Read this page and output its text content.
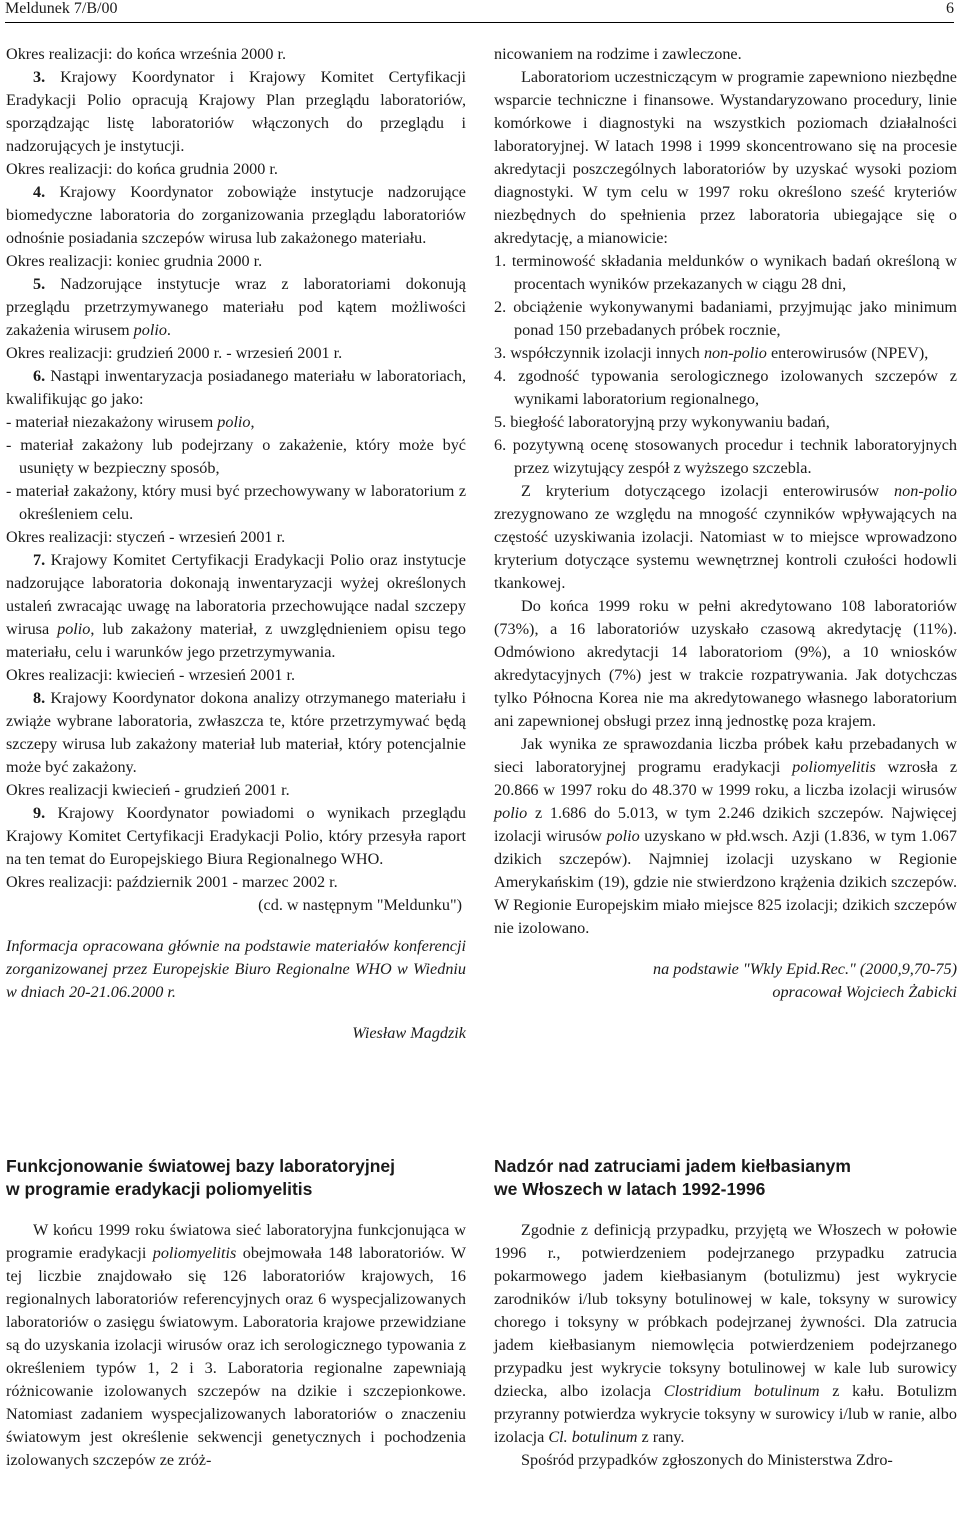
Meldunek 7/B/00	6

Okres realizacji: do końca września 2000 r.

3. Krajowy Koordynator i Krajowy Komitet Certyfikacji Eradykacji Polio opracują Krajowy Plan przeglądu laboratoriów, sporządzając listę laboratoriów włączonych do przeglądu i nadzorujących je instytucji.

Okres realizacji: do końca grudnia 2000 r.

4. Krajowy Koordynator zobowiąże instytucje nadzorujące biomedyczne laboratoria do zorganizowania przeglądu laboratoriów odnośnie posiadania szczepów wirusa lub zakażonego materiału.

Okres realizacji: koniec grudnia 2000 r.

5. Nadzorujące instytucje wraz z laboratoriami dokonują przeglądu przetrzymywanego materiału pod kątem możliwości zakażenia wirusem polio.

Okres realizacji: grudzień 2000 r. - wrzesień 2001 r.

6. Nastąpi inwentaryzacja posiadanego materiału w laboratoriach, kwalifikując go jako:

- materiał niezakażony wirusem polio,

- materiał zakażony lub podejrzany o zakażenie, który może być usunięty w bezpieczny sposób,

- materiał zakażony, który musi być przechowywany w laboratorium z określeniem celu.

Okres realizacji: styczeń - wrzesień 2001 r.

7. Krajowy Komitet Certyfikacji Eradykacji Polio oraz instytucje nadzorujące laboratoria dokonają inwentaryzacji wyżej określonych ustaleń zwracając uwagę na laboratoria przechowujące nadal szczepy wirusa polio, lub zakażony materiał, z uwzględnieniem opisu tego materiału, celu i warunków jego przetrzymywania.

Okres realizacji: kwiecień - wrzesień 2001 r.

8. Krajowy Koordynator dokona analizy otrzymanego materiału i zwiąże wybrane laboratoria, zwłaszcza te, które przetrzymywać będą szczepy wirusa lub zakażony materiał lub materiał, który potencjalnie może być zakażony.

Okres realizacji kwiecień - grudzień 2001 r.

9. Krajowy Koordynator powiadomi o wynikach przeglądu Krajowy Komitet Certyfikacji Eradykacji Polio, który przesyła raport na ten temat do Europejskiego Biura Regionalnego WHO.

Okres realizacji: październik 2001 - marzec 2002 r.

(cd. w następnym "Meldunku")

Informacja opracowana głównie na podstawie materiałów konferencji zorganizowanej przez Europejskie Biuro Regionalne WHO w Wiedniu w dniach 20-21.06.2000 r.

Wiesław Magdzik

nicowaniem na rodzime i zawleczone.

Laboratoriom uczestniczącym w programie zapewniono niezbędne wsparcie techniczne i finansowe. Wystandaryzowano procedury, linie komórkowe i diagnostyki na wszystkich poziomach działalności laboratoryjnej. W latach 1998 i 1999 skoncentrowano się na procesie akredytacji poszczególnych laboratoriów by uzyskać wysoki poziom diagnostyki. W tym celu w 1997 roku określono sześć kryteriów niezbędnych do spełnienia przez laboratoria ubiegające się o akredytację, a mianowicie:

1. terminowość składania meldunków o wynikach badań określoną w procentach wyników przekazanych w ciągu 28 dni,

2. obciążenie wykonywanymi badaniami, przyjmując jako minimum ponad 150 przebadanych próbek rocznie,

3. współczynnik izolacji innych non-polio enterowirusów (NPEV),

4. zgodność typowania serologicznego izolowanych szczepów z wynikami laboratorium regionalnego,

5. biegłość laboratoryjną przy wykonywaniu badań,

6. pozytywną ocenę stosowanych procedur i technik laboratoryjnych przez wizytujący zespół z wyższego szczebla.

Z kryterium dotyczącego izolacji enterowirusów non-polio zrezygnowano ze względu na mnogość czynników wpływających na częstość uzyskiwania izolacji. Natomiast w to miejsce wprowadzono kryterium dotyczące systemu wewnętrznej kontroli czułości hodowli tkankowej.

Do końca 1999 roku w pełni akredytowano 108 laboratoriów (73%), a 16 laboratoriów uzyskało czasową akredytację (11%). Odmówiono akredytacji 14 laboratoriom (9%), a 10 wniosków akredytacyjnych (7%) jest w trakcie rozpatrywania. Jak dotychczas tylko Północna Korea nie ma akredytowanego własnego laboratorium ani zapewnionej obsługi przez inną jednostkę poza krajem.

Jak wynika ze sprawozdania liczba próbek kału przebadanych w sieci laboratoryjnej programu eradykacji poliomyelitis wzrosła z 20.866 w 1997 roku do 48.370 w 1999 roku, a liczba izolacji wirusów polio z 1.686 do 5.013, w tym 2.246 dzikich szczepów. Najwięcej izolacji wirusów polio uzyskano w płd.wsch. Azji (1.836, w tym 1.067 dzikich szczepów). Najmniej izolacji uzyskano w Regionie Amerykańskim (19), gdzie nie stwierdzono krążenia dzikich szczepów. W Regionie Europejskim miało miejsce 825 izolacji; dzikich szczepów nie izolowano.

na podstawie "Wkly Epid.Rec." (2000,9,70-75)

opracował Wojciech Żabicki

Funkcjonowanie światowej bazy laboratoryjnej
w programie eradykacji poliomyelitis

W końcu 1999 roku światowa sieć laboratoryjna funkcjonująca w programie eradykacji poliomyelitis obejmowała 148 laboratoriów. W tej liczbie znajdowało się 126 laboratoriów krajowych, 16 regionalnych laboratoriów referencyjnych oraz 6 wyspecjalizowanych laboratoriów o zasięgu światowym. Laboratoria krajowe przewidziane są do uzyskania izolacji wirusów oraz ich serologicznego typowania z określeniem typów 1, 2 i 3. Laboratoria regionalne zapewniają różnicowanie izolowanych szczepów na dzikie i szczepionkowe. Natomiast zadaniem wyspecjalizowanych laboratoriów o znaczeniu światowym jest określenie sekwencji genetycznych i pochodzenia izolowanych szczepów ze zróż-

Nadzór nad zatruciami jadem kiełbasianym
we Włoszech w latach 1992-1996

Zgodnie z definicją przypadku, przyjętą we Włoszech w połowie 1996 r., potwierdzeniem podejrzanego przypadku zatrucia pokarmowego jadem kiełbasianym (botulizmu) jest wykrycie zarodników i/lub toksyny botulinowej w kale, toksyny w surowicy chorego i toksyny w próbkach podejrzanej żywności. Dla zatrucia jadem kiełbasianym niemowlęcia potwierdzeniem podejrzanego przypadku jest wykrycie toksyny botulinowej w kale lub surowicy dziecka, albo izolacja Clostridium botulinum z kału. Botulizm przyranny potwierdza wykrycie toksyny w surowicy i/lub w ranie, albo izolacja Cl. botulinum z rany.

Spośród przypadków zgłoszonych do Ministerstwa Zdro-
